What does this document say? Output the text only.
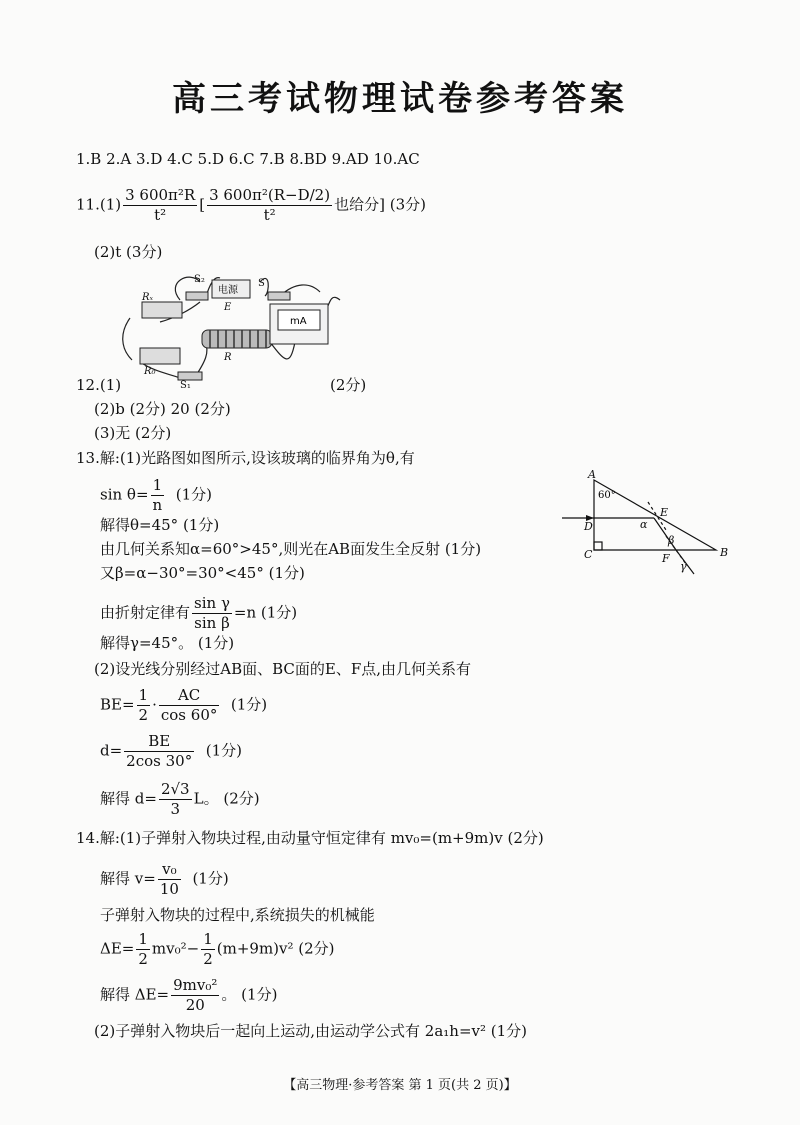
高三考试物理试卷参考答案
1.B 2.A 3.D 4.C 5.D 6.C 7.B 8.BD 9.AD 10.AC
$11.(1) \frac{\text{3 600π²R}}{\text{t²}}$ [ $\frac{\text{3 600π²(R−D/2)}}{\text{t²}}$ 也给分] (3分)
(2)t (3分)
mA
S₂
电源
E
S
Rₓ
R₀
R
S₁
12.(1)	(2分)
(2)b (2分) 20 (2分)
(3)无 (2分)
13.解:(1)光路图如图所示,设该玻璃的临界角为θ,有
$\sin \theta= \frac{1}{n} (1$分)
解得θ=45° (1分)
由几何关系知α=60°>45°,则光在AB面发生全反射 (1分)
又β=α−30°=30°<45° (1分)
由折射定律有 $\frac{\text{sin γ}}{\text{sin β}} =n$ (1分)
解得γ=45°。 (1分)
(2)设光线分别经过AB面、BC面的E、F点,由几何关系有
$BE= \frac{1}{2} \cdot \frac{AC}{\cos 60^\circ} (1$分)
$d= \frac{BE}{2\cos 30^\circ} (1$分)
解得 $d= \frac{2√3}{3}$ L。 (2分)
A
B
C
D
E
F
α
β
γ
60°
14.解:(1)子弹射入物块过程,由动量守恒定律有 mv₀=(m+9m)v (2分)
解得 $v= \frac{\text{v₀}}{10} (1$分)
子弹射入物块的过程中,系统损失的机械能
$\Delta E= \frac{1}{2} mv_0^2- \frac{1}{2} (m+9m)v^2$ (2分)
解得 $\Delta E= \frac{\text{9mv₀²}}{20}$ 。 (1分)
(2)子弹射入物块后一起向上运动,由运动学公式有 2a₁h=v² (1分)
【高三物理·参考答案 第 1 页(共 2 页)】
